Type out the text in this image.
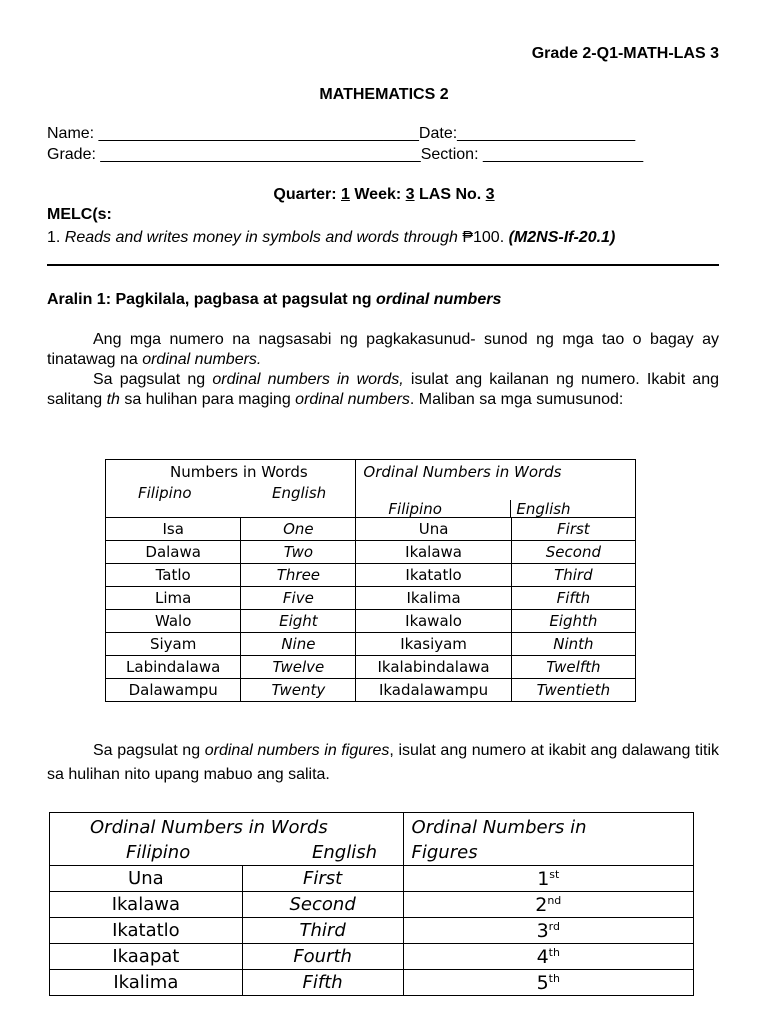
Grade 2-Q1-MATH-LAS 3
MATHEMATICS 2
Name: ____________________________________Date:____________________
Grade: ____________________________________Section: __________________
Quarter: 1 Week: 3 LAS No. 3
MELC(s:
1. Reads and writes money in symbols and words through ₱100. (M2NS-If-20.1)
Aralin 1: Pagkilala, pagbasa at pagsulat ng ordinal numbers
Ang mga numero na nagsasabi ng pagkakasunud- sunod ng mga tao o bagay ay tinatawag na ordinal numbers.
Sa pagsulat ng ordinal numbers in words, isulat ang kailanan ng numero. Ikabit ang salitang th sa hulihan para maging ordinal numbers. Maliban sa mga sumusunod:
Numbers in Words
Filipino English		Ordinal Numbers in Words
Filipino English	

Isa	One	Una	First
Dalawa	Two	Ikalawa	Second
Tatlo	Three	Ikatatlo	Third
Lima	Five	Ikalima	Fifth
Walo	Eight	Ikawalo	Eighth
Siyam	Nine	Ikasiyam	Ninth
Labindalawa	Twelve	Ikalabindalawa	Twelfth
Dalawampu	Twenty	Ikadalawampu	Twentieth
Sa pagsulat ng ordinal numbers in figures, isulat ang numero at ikabit ang dalawang titik sa hulihan nito upang mabuo ang salita.
Ordinal Numbers in Words
Filipino English		Ordinal Numbers in
Figures

Una	First	1st
Ikalawa	Second	2nd
Ikatatlo	Third	3rd
Ikaapat	Fourth	4th
Ikalima	Fifth	5th
